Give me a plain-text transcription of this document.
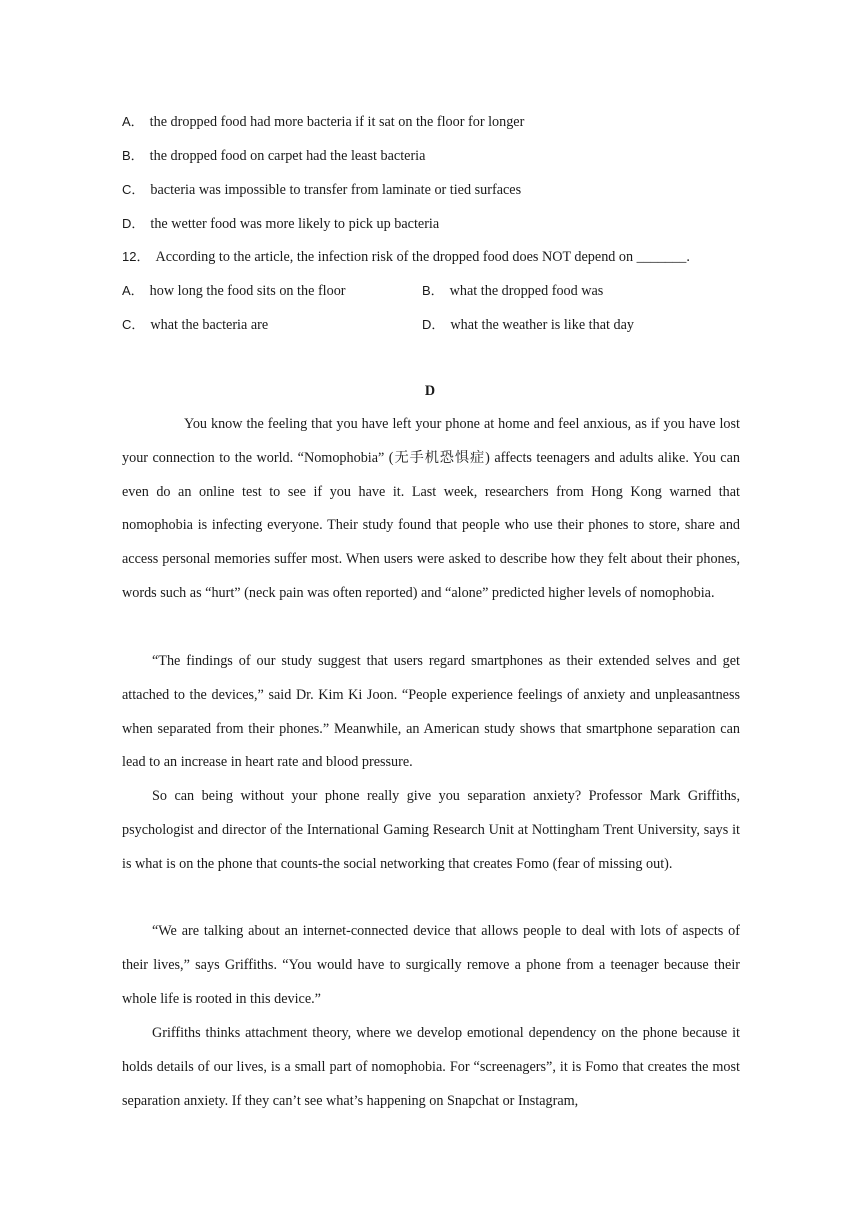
A． the dropped food had more bacteria if it sat on the floor for longer
B． the dropped food on carpet had the least bacteria
C． bacteria was impossible to transfer from laminate or tied surfaces
D． the wetter food was more likely to pick up bacteria
12． According to the article, the infection risk of the dropped food does NOT depend on _______.
A． how long the food sits on the floor	B． what the dropped food was
C． what the bacteria are	D． what the weather is like that day
D

You know the feeling that you have left your phone at home and feel anxious, as if you have lost your connection to the world. “Nomophobia” (无手机恐惧症) affects teenagers and adults alike. You can even do an online test to see if you have it. Last week, researchers from Hong Kong warned that nomophobia is infecting everyone. Their study found that people who use their phones to store, share and access personal memories suffer most. When users were asked to describe how they felt about their phones, words such as “hurt” (neck pain was often reported) and “alone” predicted higher levels of nomophobia.

“The findings of our study suggest that users regard smartphones as their extended selves and get attached to the devices,” said Dr. Kim Ki Joon. “People experience feelings of anxiety and unpleasantness when separated from their phones.” Meanwhile, an American study shows that smartphone separation can lead to an increase in heart rate and blood pressure.

So can being without your phone really give you separation anxiety? Professor Mark Griffiths, psychologist and director of the International Gaming Research Unit at Nottingham Trent University, says it is what is on the phone that counts-the social networking that creates Fomo (fear of missing out).

“We are talking about an internet-connected device that allows people to deal with lots of aspects of their lives,” says Griffiths. “You would have to surgically remove a phone from a teenager because their whole life is rooted in this device.”

Griffiths thinks attachment theory, where we develop emotional dependency on the phone because it holds details of our lives, is a small part of nomophobia. For “screenagers”, it is Fomo that creates the most separation anxiety. If they can’t see what’s happening on Snapchat or Instagram,
